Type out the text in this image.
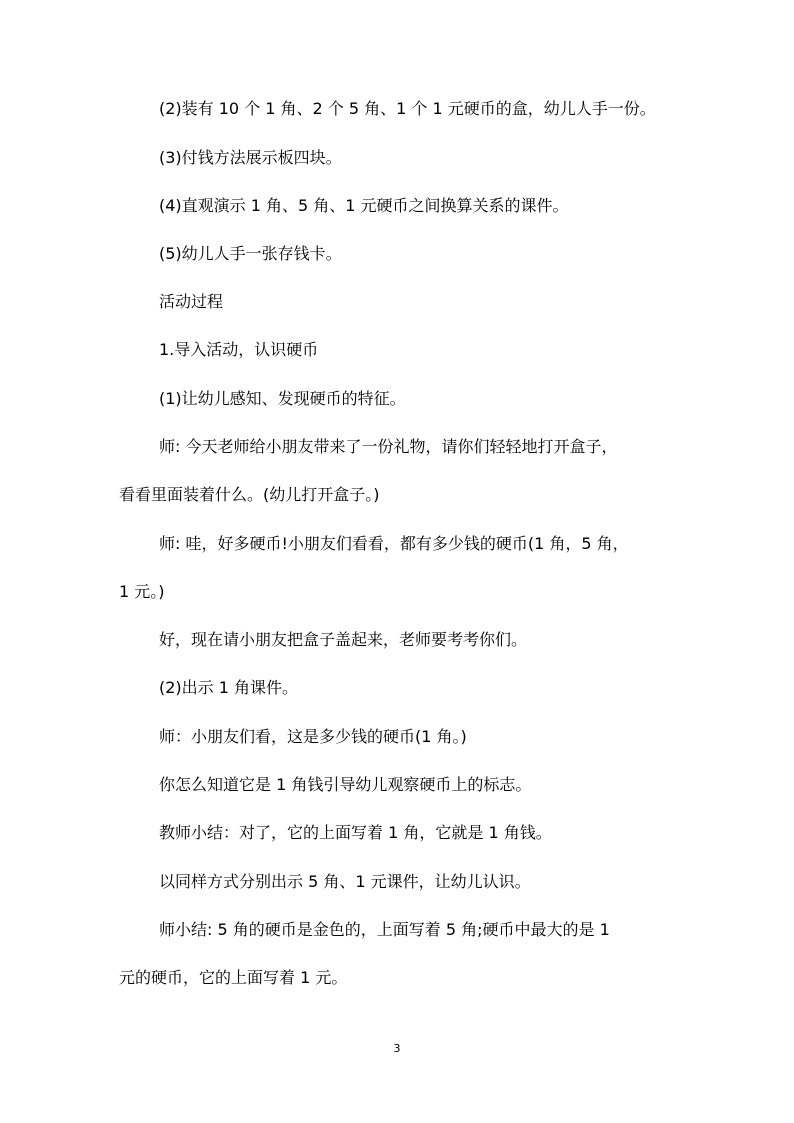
(2)装有 10 个 1 角、2 个 5 角、1 个 1 元硬币的盒，幼儿人手一份。

(3)付钱方法展示板四块。

(4)直观演示 1 角、5 角、1 元硬币之间换算关系的课件。

(5)幼儿人手一张存钱卡。

活动过程

1.导入活动，认识硬币

(1)让幼儿感知、发现硬币的特征。

师: 今天老师给小朋友带来了一份礼物，请你们轻轻地打开盒子，

看看里面装着什么。(幼儿打开盒子。)

师: 哇，好多硬币!小朋友们看看，都有多少钱的硬币(1 角，5 角，

1 元。)

好，现在请小朋友把盒子盖起来，老师要考考你们。

(2)出示 1 角课件。

师：小朋友们看，这是多少钱的硬币(1 角。)

你怎么知道它是 1 角钱引导幼儿观察硬币上的标志。

教师小结：对了，它的上面写着 1 角，它就是 1 角钱。

以同样方式分别出示 5 角、1 元课件，让幼儿认识。

师小结: 5 角的硬币是金色的，上面写着 5 角;硬币中最大的是 1

元的硬币，它的上面写着 1 元。

3
